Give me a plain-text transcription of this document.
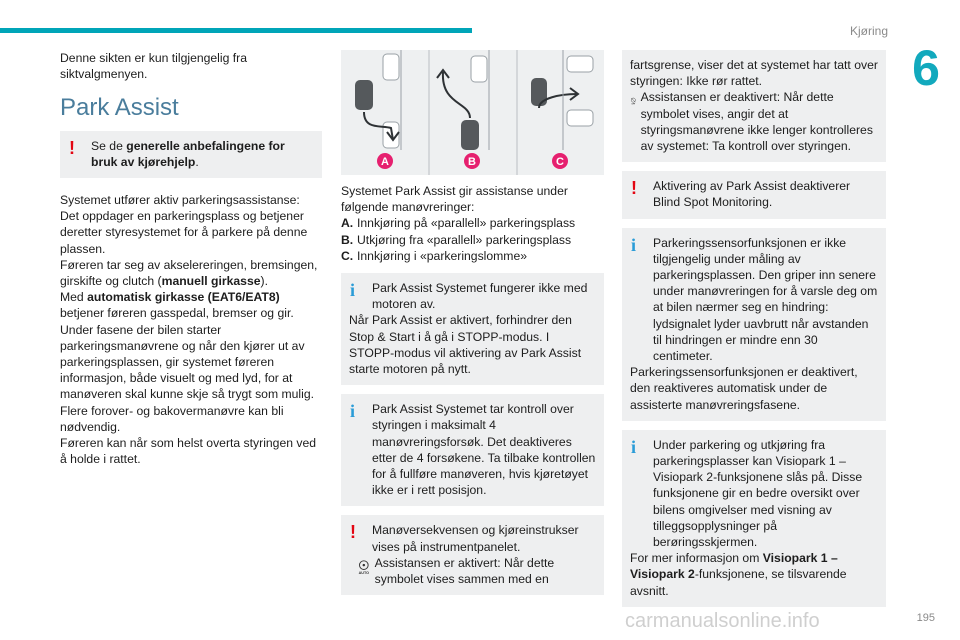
Kjøring
6

Denne sikten er kun tilgjengelig fra siktvalgmenyen.

Park Assist
!	Se de generelle anbefalingene for bruk av kjørehjelp.

Systemet utfører aktiv parkeringsassistanse: Det oppdager en parkeringsplass og betjener deretter styresystemet for å parkere på denne plassen.

Føreren tar seg av akselereringen, bremsingen, girskifte og clutch (manuell girkasse).

Med automatisk girkasse (EAT6/EAT8) betjener føreren gasspedal, bremser og gir.

Under fasene der bilen starter parkeringsmanøvrene og når den kjører ut av parkeringsplassen, gir systemet føreren informasjon, både visuelt og med lyd, for at manøveren skal kunne skje så trygt som mulig.

Flere forover- og bakovermanøvre kan bli nødvendig.

Føreren kan når som helst overta styringen ved å holde i rattet.

A	B	C

Systemet Park Assist gir assistanse under følgende manøvreringer:

A. Innkjøring på «parallell» parkeringsplass
B. Utkjøring fra «parallell» parkeringsplass
C. Innkjøring i «parkeringslomme»
i	Park Assist Systemet fungerer ikke med motoren av.

Når Park Assist er aktivert, forhindrer den Stop & Start i å gå i STOPP-modus. I STOPP-modus vil aktivering av Park Assist starte motoren på nytt.

i	Park Assist Systemet tar kontroll over styringen i maksimalt 4 manøvreringsforsøk. Det deaktiveres etter de 4 forsøkene. Ta tilbake kontrollen for å fullføre manøveren, hvis kjøretøyet ikke er i rett posisjon.

!	Manøversekvensen og kjøreinstrukser vises på instrumentpanelet.

AUTO

Assistansen er aktivert: Når dette symbolet vises sammen med en

fartsgrense, viser det at systemet har tatt over styringen: Ikke rør rattet.

OFF

Assistansen er deaktivert: Når dette symbolet vises, angir det at styringsmanøvrene ikke lenger kontrolleres av systemet: Ta kontroll over styringen.

!	Aktivering av Park Assist deaktiverer Blind Spot Monitoring.

i	Parkeringssensorfunksjonen er ikke tilgjengelig under måling av parkeringsplassen. Den griper inn senere under manøvreringen for å varsle deg om at bilen nærmer seg en hindring: lydsignalet lyder uavbrutt når avstanden til hindringen er mindre enn 30 centimeter.

Parkeringssensorfunksjonen er deaktivert, den reaktiveres automatisk under de assisterte manøvreringsfasene.

i	Under parkering og utkjøring fra parkeringsplasser kan Visiopark 1 – Visiopark 2-funksjonene slås på. Disse funksjonene gir en bedre oversikt over bilens omgivelser med visning av tilleggsopplysninger på berøringsskjermen.

For mer informasjon om Visiopark 1 – Visiopark 2-funksjonene, se tilsvarende avsnitt.

195
carmanualsonline.info
